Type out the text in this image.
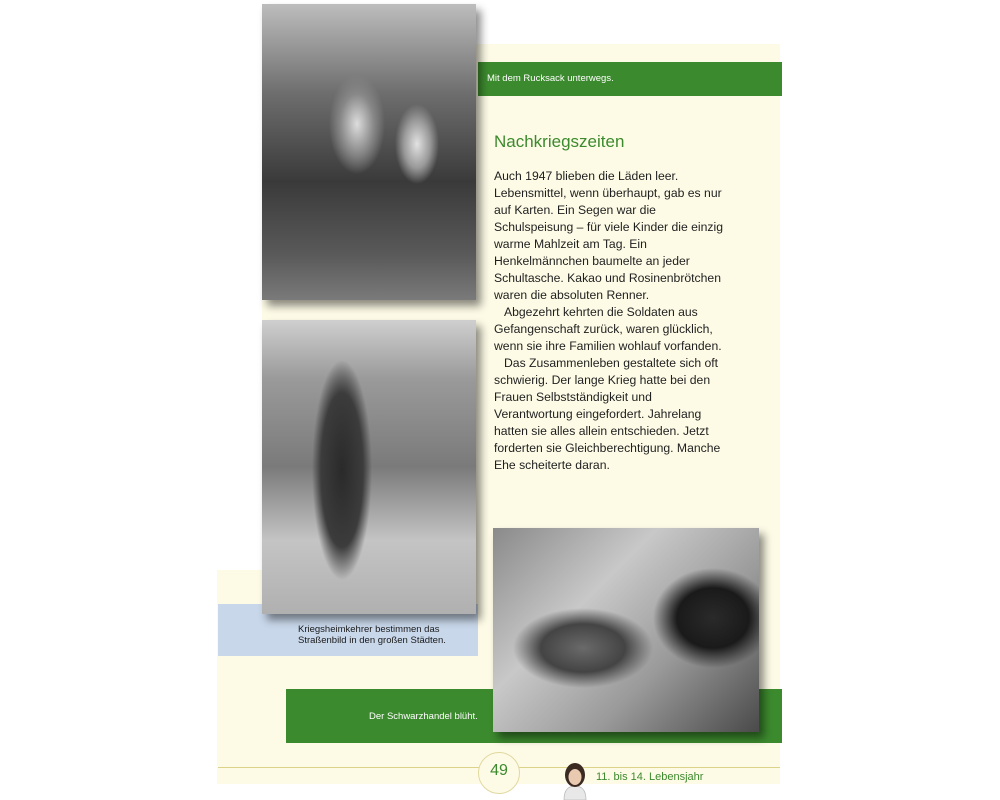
Kriegsheimkehrer bestimmen das Straßenbild in den großen Städten.
Mit dem Rucksack unterwegs.
Der Schwarzhandel blüht.
Nachkriegszeiten

Auch 1947 blieben die Läden leer. Lebensmittel, wenn überhaupt, gab es nur auf Karten. Ein Segen war die Schulspeisung – für viele Kinder die einzig warme Mahlzeit am Tag. Ein Henkelmännchen baumelte an jeder Schultasche. Kakao und Rosinenbrötchen waren die absoluten Renner.

Abgezehrt kehrten die Soldaten aus Gefangenschaft zurück, waren glücklich, wenn sie ihre Familien wohlauf vorfanden.

Das Zusammenleben gestaltete sich oft schwierig. Der lange Krieg hatte bei den Frauen Selbstständigkeit und Verantwortung eingefordert. Jahrelang hatten sie alles allein entschieden. Jetzt forderten sie Gleichberechtigung. Manche Ehe scheiterte daran.

49	11. bis 14. Lebensjahr
